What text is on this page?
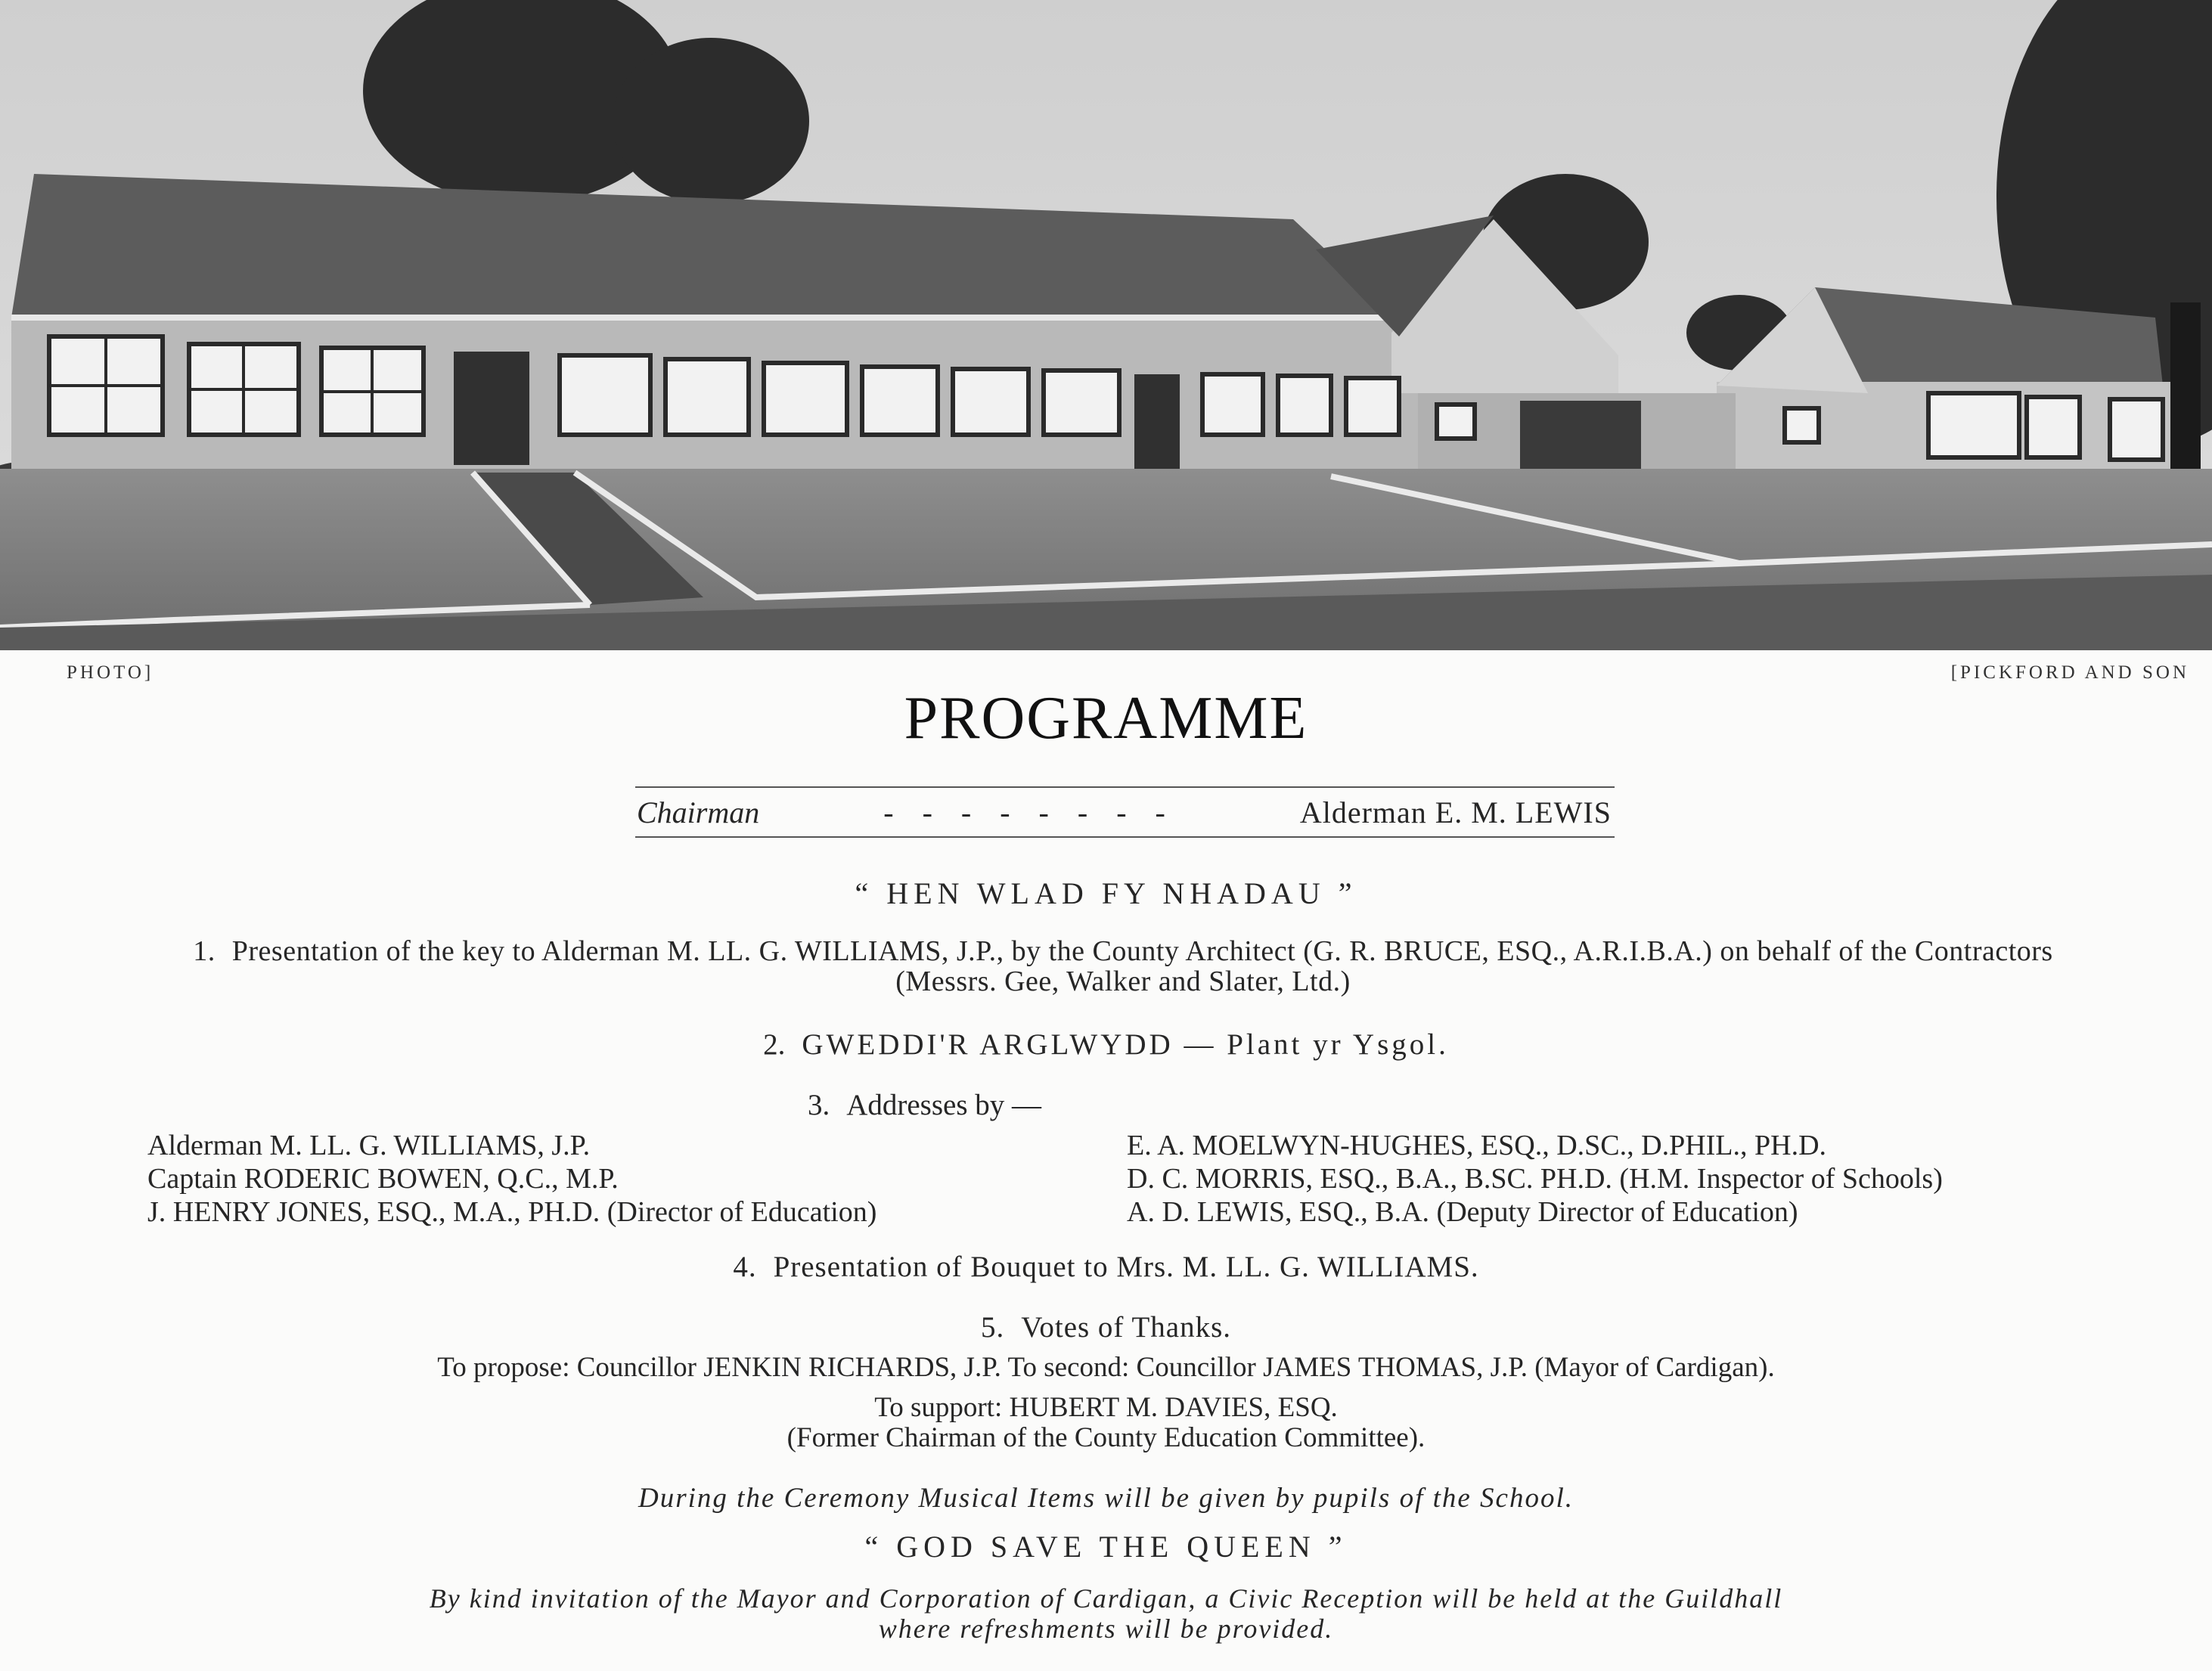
PHOTO]	[PICKFORD AND SON
PROGRAMME
Chairman	- - - - - - - -	Alderman E. M. LEWIS
“ HEN WLAD FY NHADAU ”
1. Presentation of the key to Alderman M. LL. G. WILLIAMS, J.P., by the County Architect (G. R. BRUCE, ESQ., A.R.I.B.A.) on behalf of the Contractors (Messrs. Gee, Walker and Slater, Ltd.)
2. GWEDDI'R ARGLWYDD — Plant yr Ysgol.
3. Addresses by —
Alderman M. LL. G. WILLIAMS, J.P.
Captain RODERIC BOWEN, Q.C., M.P.
J. HENRY JONES, ESQ., M.A., PH.D. (Director of Education)
E. A. MOELWYN-HUGHES, ESQ., D.SC., D.PHIL., PH.D.
D. C. MORRIS, ESQ., B.A., B.SC. PH.D. (H.M. Inspector of Schools)
A. D. LEWIS, ESQ., B.A. (Deputy Director of Education)
4. Presentation of Bouquet to Mrs. M. LL. G. WILLIAMS.
5. Votes of Thanks.
To propose: Councillor JENKIN RICHARDS, J.P. To second: Councillor JAMES THOMAS, J.P. (Mayor of Cardigan).
To support: HUBERT M. DAVIES, ESQ.
(Former Chairman of the County Education Committee).
During the Ceremony Musical Items will be given by pupils of the School.
“ GOD SAVE THE QUEEN ”
By kind invitation of the Mayor and Corporation of Cardigan, a Civic Reception will be held at the Guildhall
where refreshments will be provided.
